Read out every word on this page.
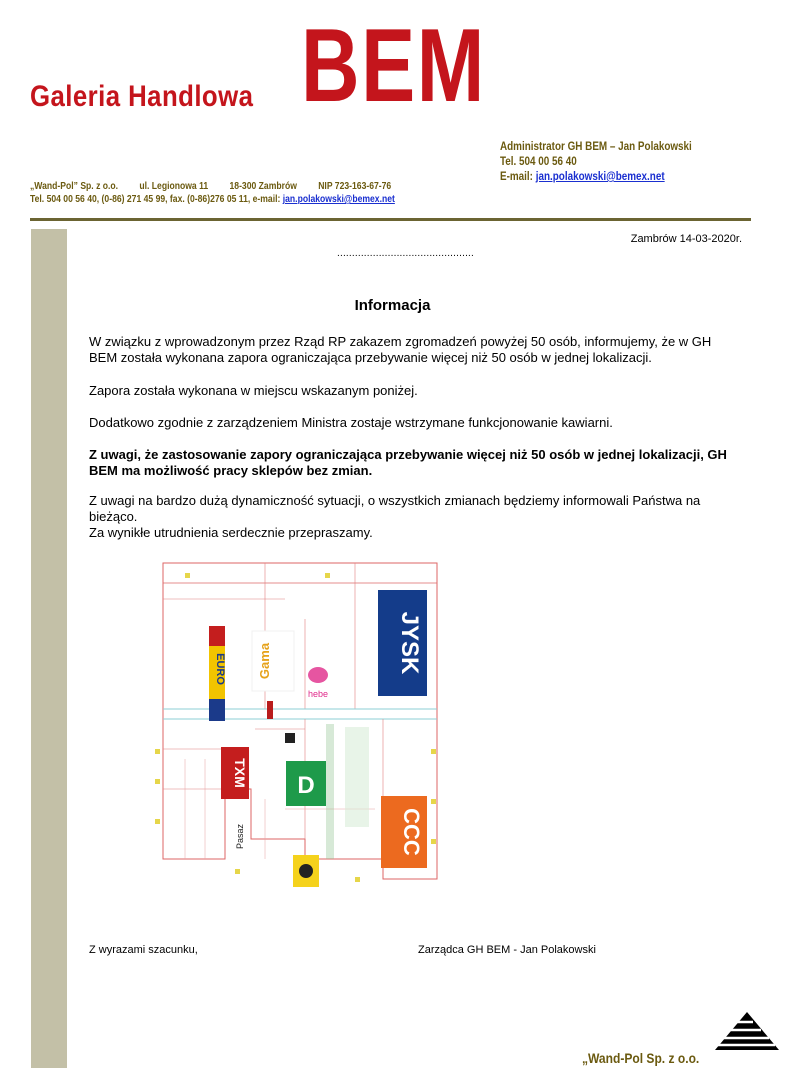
Galeria Handlowa BEM
Administrator GH BEM – Jan Polakowski
Tel. 504 00 56 40
E-mail: jan.polakowski@bemex.net
„Wand-Pol” Sp. z o.o. ul. Legionowa 11 18-300 Zambrów NIP 723-163-67-76
Tel. 504 00 56 40, (0-86) 271 45 99, fax. (0-86)276 05 11, e-mail: jan.polakowski@bemex.net
Zambrów 14-03-2020r.
..............................................
Informacja
W związku z wprowadzonym przez Rząd RP zakazem zgromadzeń powyżej 50 osób, informujemy, że w GH BEM została wykonana zapora ograniczająca przebywanie więcej niż 50 osób w jednej lokalizacji.
Zapora została wykonana w miejscu wskazanym poniżej.
Dodatkowo zgodnie z zarządzeniem Ministra zostaje wstrzymane funkcjonowanie kawiarni.
Z uwagi, że zastosowanie zapory ograniczająca przebywanie więcej niż 50 osób w jednej lokalizacji, GH BEM ma możliwość pracy sklepów bez zmian.
Z uwagi na bardzo dużą dynamiczność sytuacji, o wszystkich zmianach będziemy informowali Państwa na bieżąco.
Za wynikłe utrudnienia serdecznie przepraszamy.
JYSK
Gama
hebe
EURO
TXM D
CCC
Pasaz
Z wyrazami szacunku,	Zarządca GH BEM - Jan Polakowski
„Wand-Pol Sp. z o.o.
